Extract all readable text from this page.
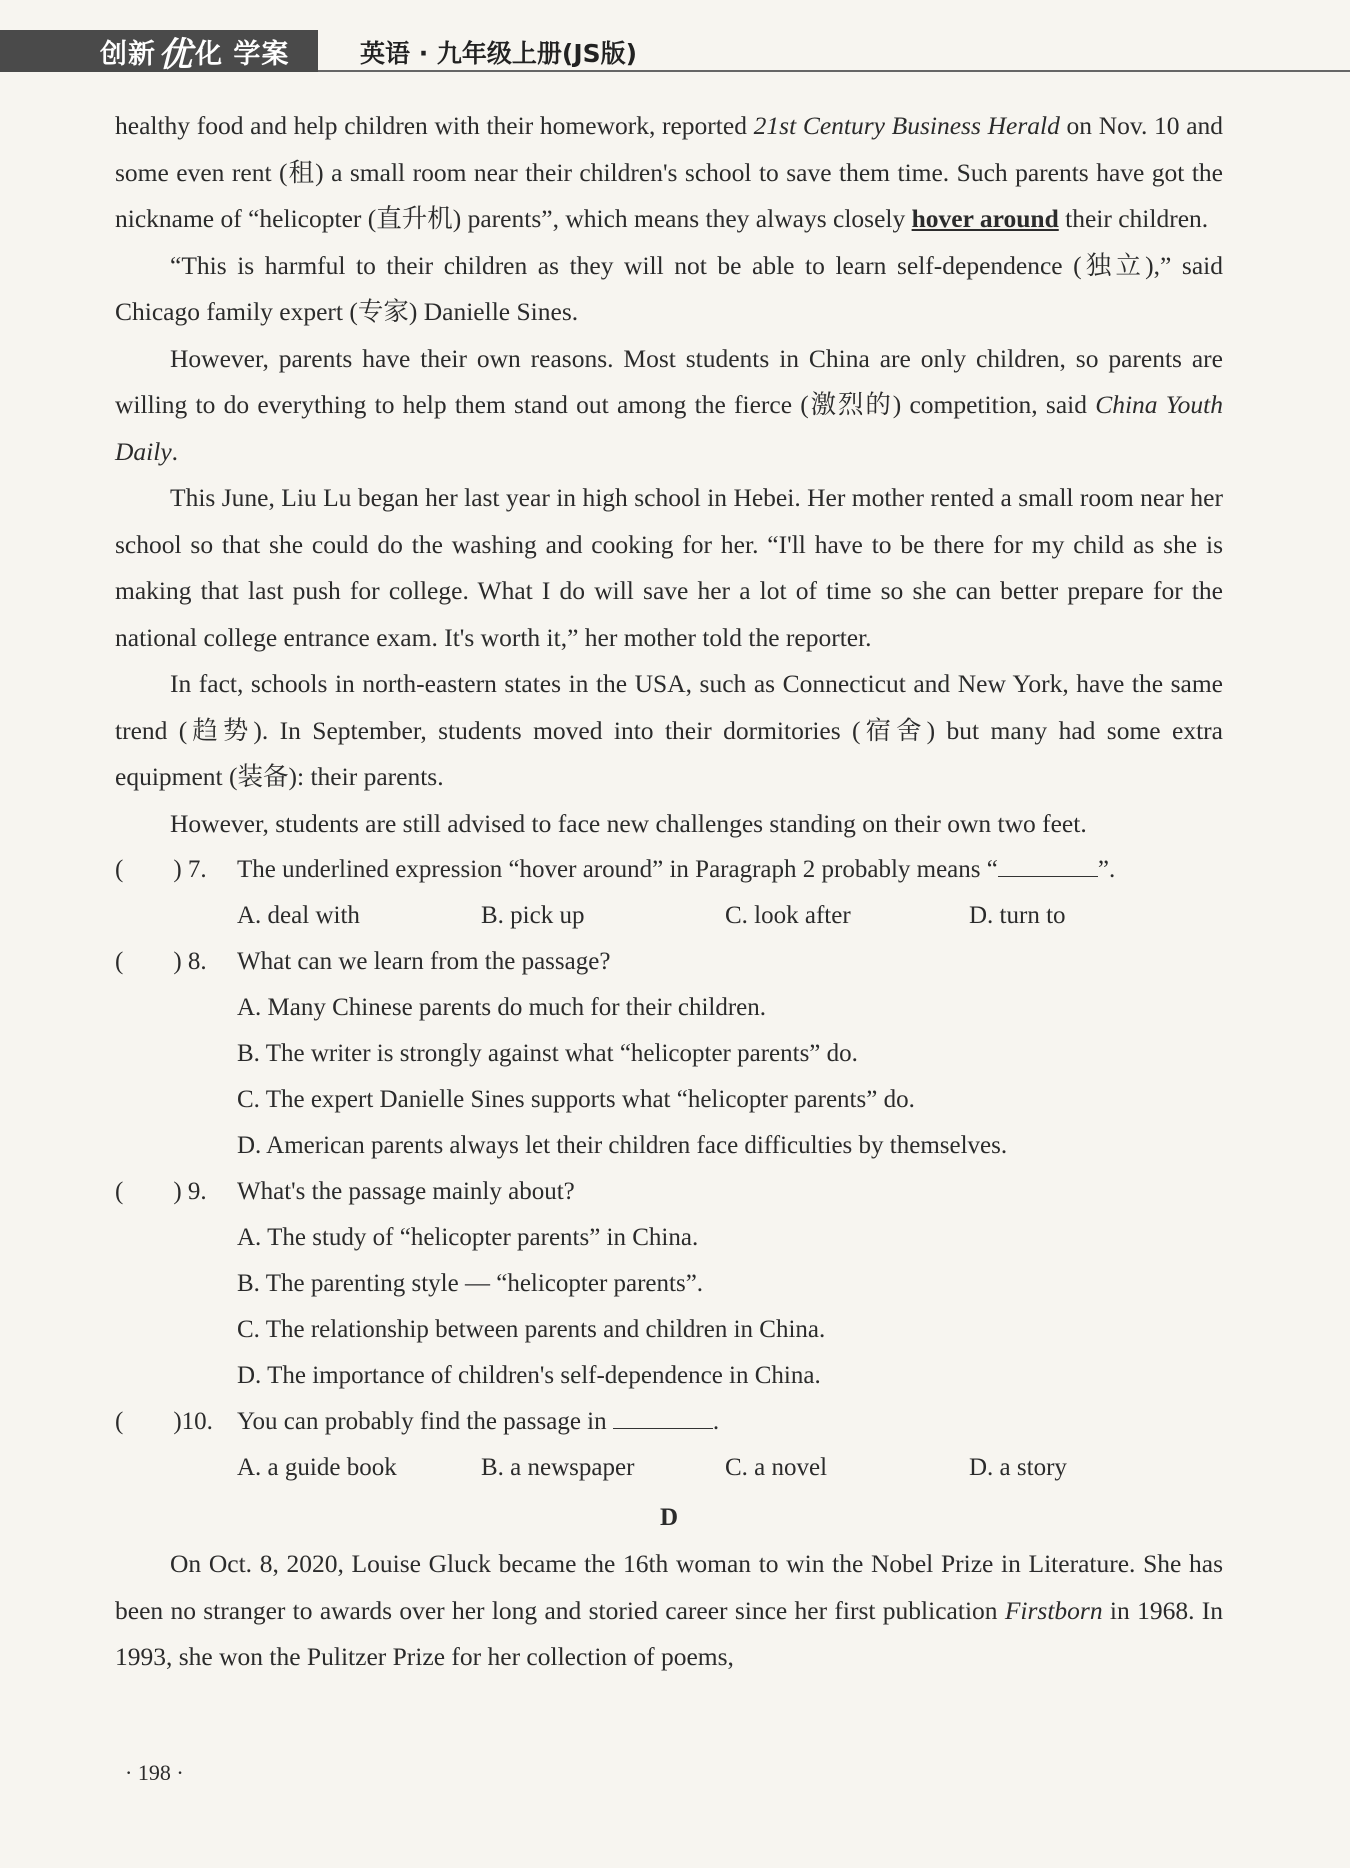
创新 优 化 学案	英语 · 九年级上册(JS版)

healthy food and help children with their homework, reported 21st Century Business Herald on Nov. 10 and some even rent (租) a small room near their children's school to save them time. Such parents have got the nickname of “helicopter (直升机) parents”, which means they always closely hover around their children.

“This is harmful to their children as they will not be able to learn self-dependence (独立),” said Chicago family expert (专家) Danielle Sines.

However, parents have their own reasons. Most students in China are only children, so parents are willing to do everything to help them stand out among the fierce (激烈的) competition, said China Youth Daily.

This June, Liu Lu began her last year in high school in Hebei. Her mother rented a small room near her school so that she could do the washing and cooking for her. “I'll have to be there for my child as she is making that last push for college. What I do will save her a lot of time so she can better prepare for the national college entrance exam. It's worth it,” her mother told the reporter.

In fact, schools in north-eastern states in the USA, such as Connecticut and New York, have the same trend (趋势). In September, students moved into their dormitories (宿舍) but many had some extra equipment (装备): their parents.

However, students are still advised to face new challenges standing on their own two feet.

( ) 7. The underlined expression “hover around” in Paragraph 2 probably means “	”.

A. deal with	B. pick up	C. look after	D. turn to

( ) 8. What can we learn from the passage?

A. Many Chinese parents do much for their children.

B. The writer is strongly against what “helicopter parents” do.

C. The expert Danielle Sines supports what “helicopter parents” do.

D. American parents always let their children face difficulties by themselves.

( ) 9. What's the passage mainly about?

A. The study of “helicopter parents” in China.

B. The parenting style — “helicopter parents”.

C. The relationship between parents and children in China.

D. The importance of children's self-dependence in China.

( )10. You can probably find the passage in	.

A. a guide book	B. a newspaper	C. a novel	D. a story

D

On Oct. 8, 2020, Louise Gluck became the 16th woman to win the Nobel Prize in Literature. She has been no stranger to awards over her long and storied career since her first publication Firstborn in 1968. In 1993, she won the Pulitzer Prize for her collection of poems,

· 198 ·
